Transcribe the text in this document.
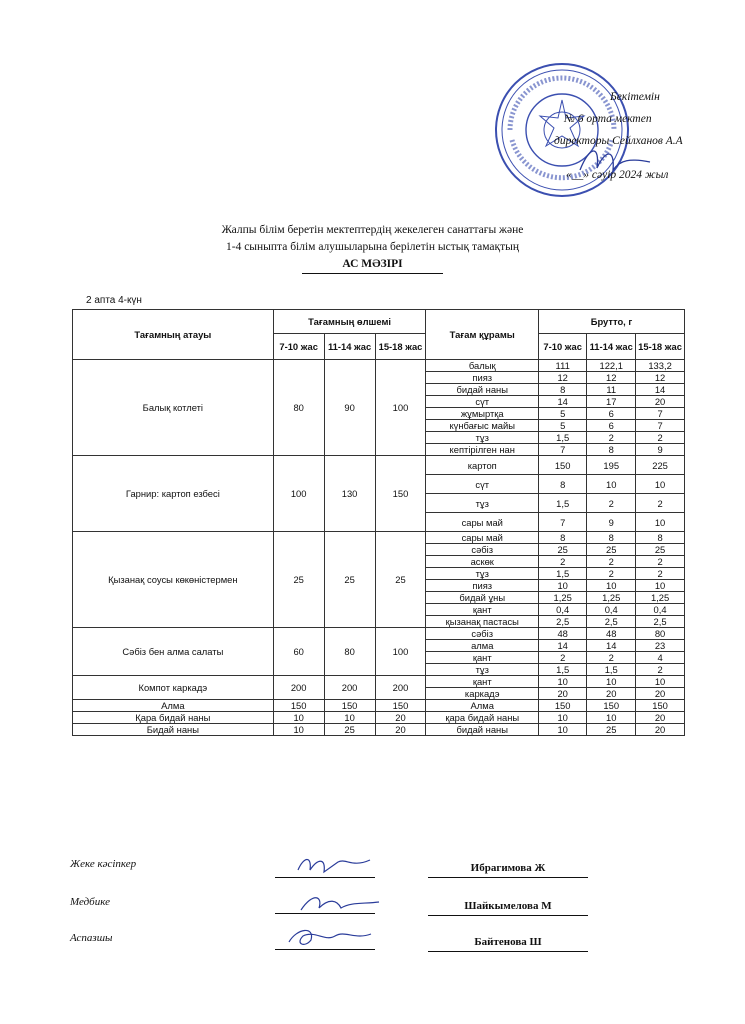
Бекітемін
№ 6 орта мектеп
директоры Сейлханов А.А
«__» сәуір 2024 жыл
Жалпы білім беретін мектептердің жекелеген санаттағы және
1-4 сыныпта білім алушыларына берілетін ыстық тамақтың
АС МӘЗІРІ
2 апта 4-күн
Тағамның атауы	Тағамның өлшемі			Тағам құрамы	Брутто, г		
	7-10 жас	11-14 жас	15-18 жас		7-10 жас	11-14 жас	15-18 жас
Балық котлеті	80	90	100	балық	111	122,1	133,2
				пияз	12	12	12
				бидай наны	8	11	14
				сүт	14	17	20
				жұмыртқа	5	6	7
				күнбағыс майы	5	6	7
				тұз	1,5	2	2
				кептірілген нан	7	8	9
Гарнир: картоп езбесі	100	130	150	картоп	150	195	225
				сүт	8	10	10
				тұз	1,5	2	2
				сары май	7	9	10
Қызанақ соусы көкөністермен	25	25	25	сары май	8	8	8
				сәбіз	25	25	25
				аскөк	2	2	2
				тұз	1,5	2	2
				пияз	10	10	10
				бидай ұны	1,25	1,25	1,25
				қант	0,4	0,4	0,4
				қызанақ пастасы	2,5	2,5	2,5
Сәбіз бен алма салаты	60	80	100	сәбіз	48	48	80
				алма	14	14	23
				қант	2	2	4
				тұз	1,5	1,5	2
Компот каркадэ	200	200	200	қант	10	10	10
				каркадэ	20	20	20
Алма	150	150	150	Алма	150	150	150
Қара бидай наны	10	10	20	қара бидай наны	10	10	20
Бидай наны	10	25	20	бидай наны	10	25	20
Жеке кәсіпкер	Ибрагимова Ж
Медбике	Шайкымелова М
Аспазшы	Байтенова Ш
